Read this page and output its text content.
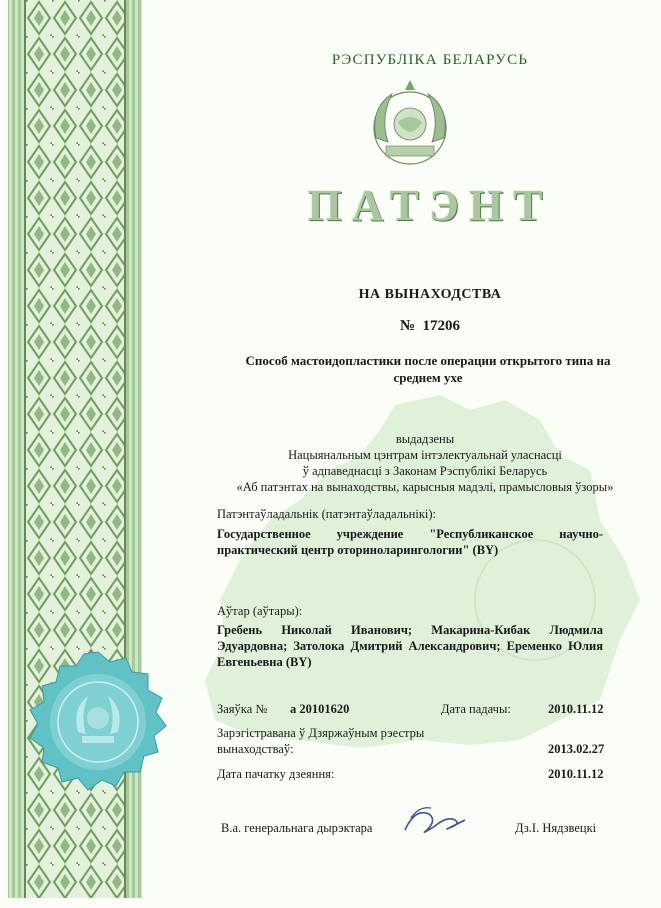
РЭСПУБЛІКА БЕЛАРУСЬ
ПАТЭНТ
НА ВЫНАХОДСТВА
№ 17206
Способ мастоидопластики после операции открытого типа на
среднем ухе
выдадзены
Нацыянальным цэнтрам інтэлектуальнай уласнасці
ў адпаведнасці з Законам Рэспублікі Беларусь
«Аб патэнтах на вынаходствы, карысныя мадэлі, прамысловыя ўзоры»
Патэнтаўладальнік (патэнтаўладальнікі):
Государственное учреждение "Республиканское научно-практический центр оториноларингологии" (BY)
Аўтар (аўтары):
Гребень Николай Иванович; Макарина-Кибак Людмила Эдуардовна; Затолока Дмитрий Александрович; Еременко Юлия Евгеньевна (BY)
Заяўка № a 20101620	Дата падачы:	2010.11.12
Зарэгістравана ў Дзяржаўным рэестры
вынаходстваў:	2013.02.27
Дата пачатку дзеяння:	2010.11.12
В.а. генеральнага дырэктара	Дз.І. Нядзвецкі
